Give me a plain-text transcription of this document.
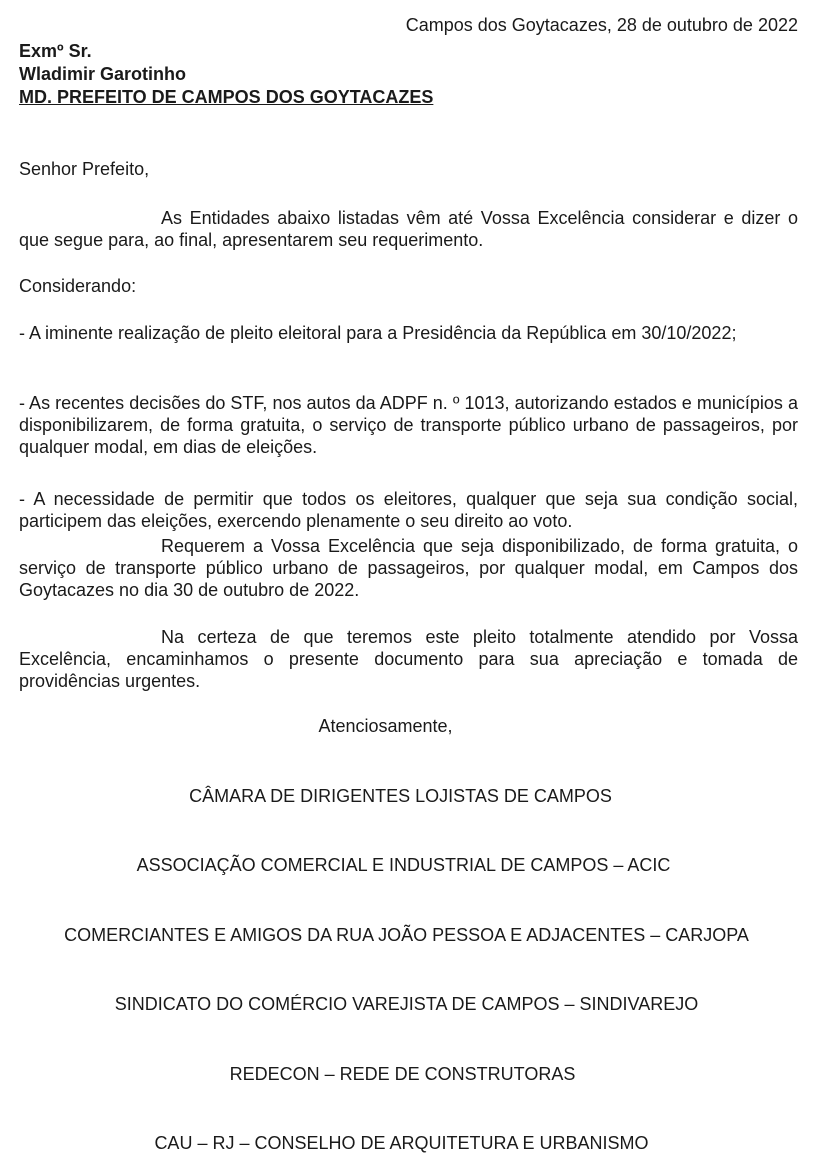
Campos dos Goytacazes, 28 de outubro de 2022
Exmº Sr.
Wladimir Garotinho
MD. PREFEITO DE CAMPOS DOS GOYTACAZES
Senhor Prefeito,
As Entidades abaixo listadas vêm até Vossa Excelência considerar e dizer o que segue para, ao final, apresentarem seu requerimento.
Considerando:
- A iminente realização de pleito eleitoral para a Presidência da República em 30/10/2022;
- As recentes decisões do STF, nos autos da ADPF n. º 1013, autorizando estados e municípios a disponibilizarem, de forma gratuita, o serviço de transporte público urbano de passageiros, por qualquer modal, em dias de eleições.
- A necessidade de permitir que todos os eleitores, qualquer que seja sua condição social, participem das eleições, exercendo plenamente o seu direito ao voto.
Requerem a Vossa Excelência que seja disponibilizado, de forma gratuita, o serviço de transporte público urbano de passageiros, por qualquer modal, em Campos dos Goytacazes no dia 30 de outubro de 2022.
Na certeza de que teremos este pleito totalmente atendido por Vossa Excelência, encaminhamos o presente documento para sua apreciação e tomada de providências urgentes.
Atenciosamente,
CÂMARA DE DIRIGENTES LOJISTAS DE CAMPOS
ASSOCIAÇÃO COMERCIAL E INDUSTRIAL DE CAMPOS – ACIC
COMERCIANTES E AMIGOS DA RUA JOÃO PESSOA E ADJACENTES – CARJOPA
SINDICATO DO COMÉRCIO VAREJISTA DE CAMPOS – SINDIVAREJO
REDECON – REDE DE CONSTRUTORAS
CAU – RJ – CONSELHO DE ARQUITETURA E URBANISMO
